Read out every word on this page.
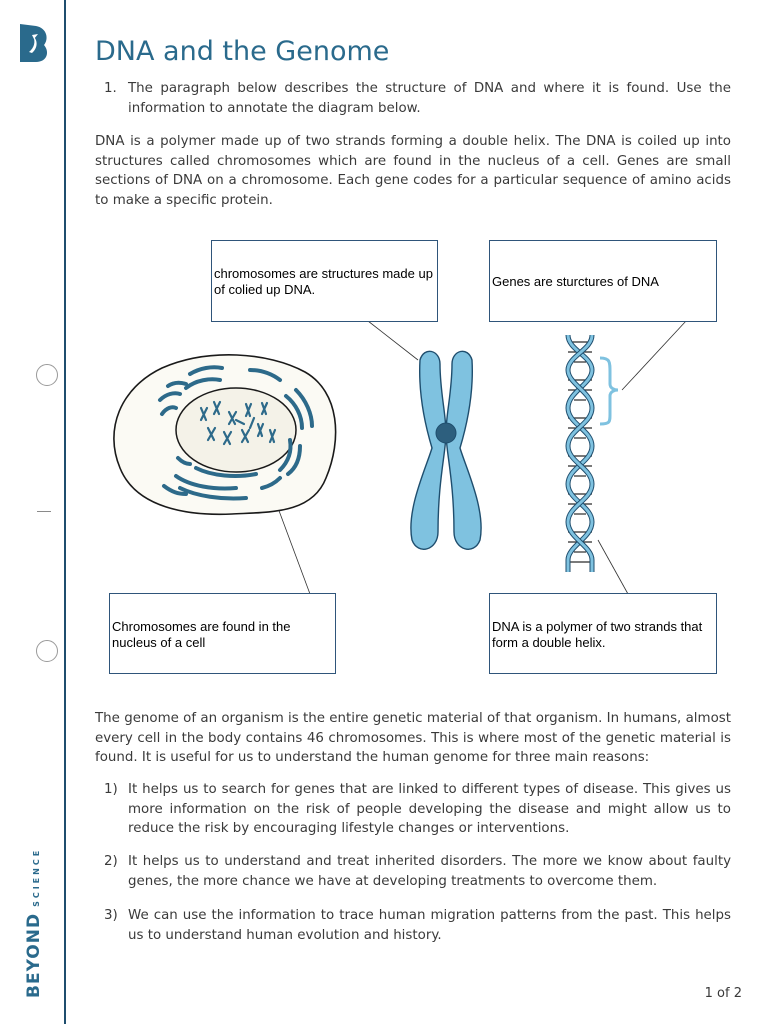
BEYONDSCIENCE
DNA and the Genome

1. The paragraph below describes the structure of DNA and where it is found. Use the information to annotate the diagram below.

DNA is a polymer made up of two strands forming a double helix. The DNA is coiled up into structures called chromosomes which are found in the nucleus of a cell. Genes are small sections of DNA on a chromosome. Each gene codes for a particular sequence of amino acids to make a specific protein.

chromosomes are structures made up of colied up DNA.
Genes are sturctures of DNA
Chromosomes are found in the nucleus of a cell
DNA is a polymer of two strands that form a double helix.

The genome of an organism is the entire genetic material of that organism. In humans, almost every cell in the body contains 46 chromosomes. This is where most of the genetic material is found. It is useful for us to understand the human genome for three main reasons:

1) It helps us to search for genes that are linked to different types of disease. This gives us more information on the risk of people developing the disease and might allow us to reduce the risk by encouraging lifestyle changes or interventions.

2) It helps us to understand and treat inherited disorders. The more we know about faulty genes, the more chance we have at developing treatments to overcome them.

3) We can use the information to trace human migration patterns from the past. This helps us to understand human evolution and history.

1 of 2
